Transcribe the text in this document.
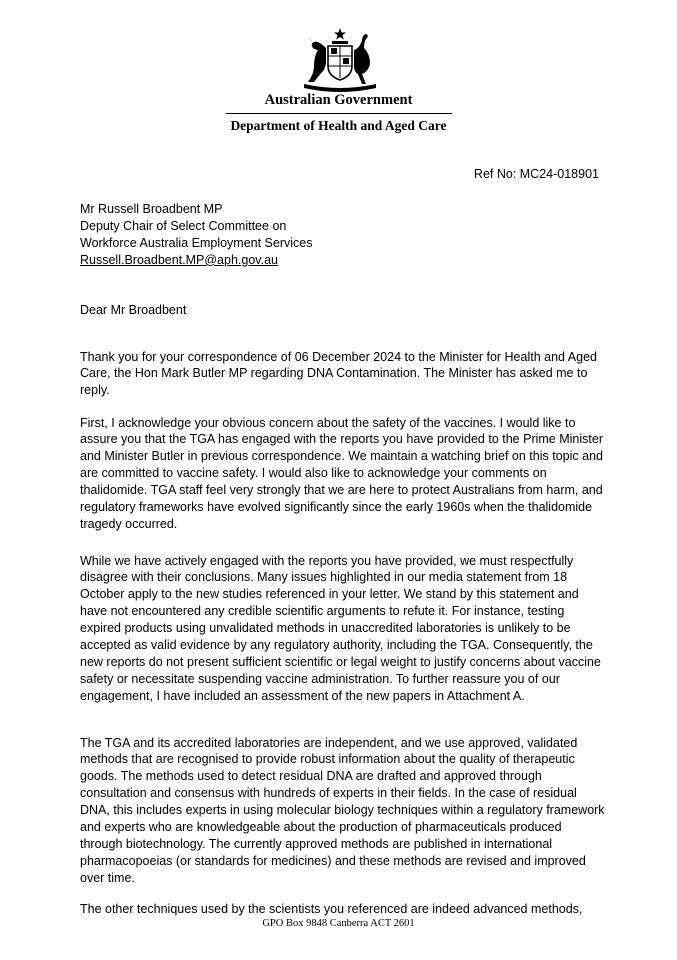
Australian Government
Department of Health and Aged Care
Ref No: MC24-018901
Mr Russell Broadbent MP
Deputy Chair of Select Committee on
Workforce Australia Employment Services
Russell.Broadbent.MP@aph.gov.au
Dear Mr Broadbent

Thank you for your correspondence of 06 December 2024 to the Minister for Health and Aged Care, the Hon Mark Butler MP regarding DNA Contamination. The Minister has asked me to reply.

First, I acknowledge your obvious concern about the safety of the vaccines. I would like to assure you that the TGA has engaged with the reports you have provided to the Prime Minister and Minister Butler in previous correspondence. We maintain a watching brief on this topic and are committed to vaccine safety. I would also like to acknowledge your comments on thalidomide. TGA staff feel very strongly that we are here to protect Australians from harm, and regulatory frameworks have evolved significantly since the early 1960s when the thalidomide tragedy occurred.

While we have actively engaged with the reports you have provided, we must respectfully disagree with their conclusions. Many issues highlighted in our media statement from 18 October apply to the new studies referenced in your letter. We stand by this statement and have not encountered any credible scientific arguments to refute it. For instance, testing expired products using unvalidated methods in unaccredited laboratories is unlikely to be accepted as valid evidence by any regulatory authority, including the TGA. Consequently, the new reports do not present sufficient scientific or legal weight to justify concerns about vaccine safety or necessitate suspending vaccine administration. To further reassure you of our engagement, I have included an assessment of the new papers in Attachment A.

The TGA and its accredited laboratories are independent, and we use approved, validated methods that are recognised to provide robust information about the quality of therapeutic goods. The methods used to detect residual DNA are drafted and approved through consultation and consensus with hundreds of experts in their fields. In the case of residual DNA, this includes experts in using molecular biology techniques within a regulatory framework and experts who are knowledgeable about the production of pharmaceuticals produced through biotechnology. The currently approved methods are published in international pharmacopoeias (or standards for medicines) and these methods are revised and improved over time.

The other techniques used by the scientists you referenced are indeed advanced methods,

GPO Box 9848 Canberra ACT 2601
